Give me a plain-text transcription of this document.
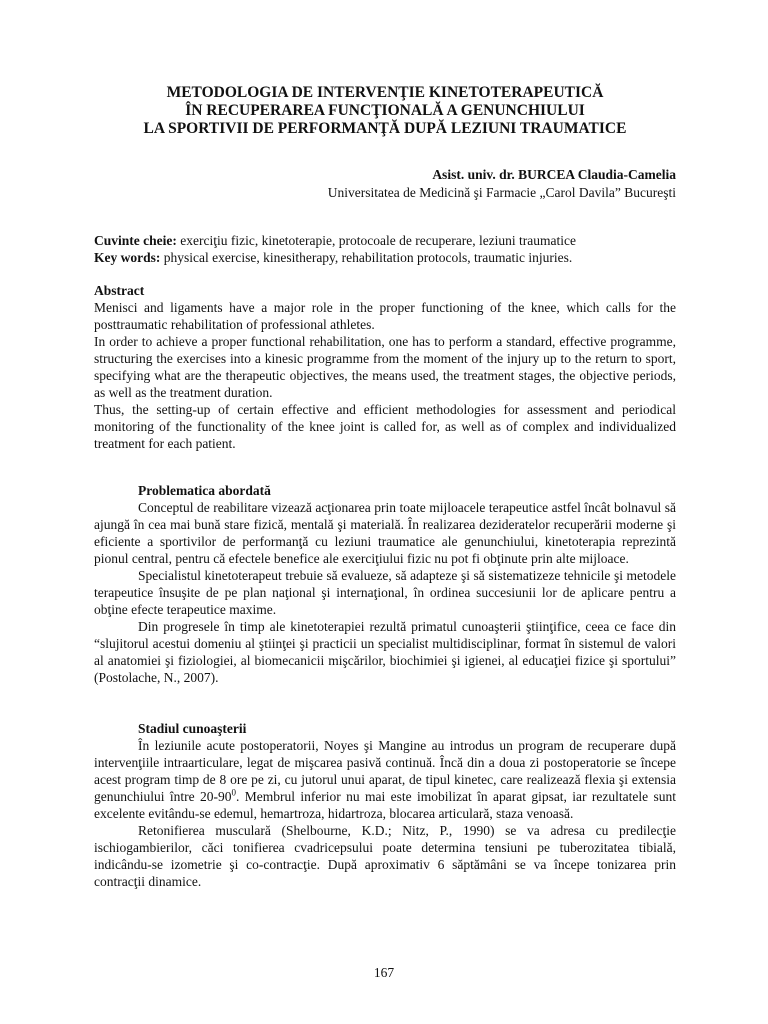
METODOLOGIA DE INTERVENŢIE KINETOTERAPEUTICĂ
ÎN RECUPERAREA FUNCŢIONALĂ A GENUNCHIULUI
LA SPORTIVII DE PERFORMANŢĂ DUPĂ LEZIUNI TRAUMATICE
Asist. univ. dr. BURCEA Claudia-Camelia
Universitatea de Medicină şi Farmacie „Carol Davila” Bucureşti
Cuvinte cheie: exerciţiu fizic, kinetoterapie, protocoale de recuperare, leziuni traumatice
Key words: physical exercise, kinesitherapy, rehabilitation protocols, traumatic injuries.
Abstract

Menisci and ligaments have a major role in the proper functioning of the knee, which calls for the posttraumatic rehabilitation of professional athletes.

In order to achieve a proper functional rehabilitation, one has to perform a standard, effective programme, structuring the exercises into a kinesic programme from the moment of the injury up to the return to sport, specifying what are the therapeutic objectives, the means used, the treatment stages, the objective periods, as well as the treatment duration.

Thus, the setting-up of certain effective and efficient methodologies for assessment and periodical monitoring of the functionality of the knee joint is called for, as well as of complex and individualized treatment for each patient.

Problematica abordată

Conceptul de reabilitare vizează acţionarea prin toate mijloacele terapeutice astfel încât bolnavul să ajungă în cea mai bună stare fizică, mentală şi materială. În realizarea dezideratelor recuperării moderne şi eficiente a sportivilor de performanţă cu leziuni traumatice ale genunchiului, kinetoterapia reprezintă pionul central, pentru că efectele benefice ale exerciţiului fizic nu pot fi obţinute prin alte mijloace.

Specialistul kinetoterapeut trebuie să evalueze, să adapteze şi să sistematizeze tehnicile şi metodele terapeutice însuşite de pe plan naţional şi internaţional, în ordinea succesiunii lor de aplicare pentru a obţine efecte terapeutice maxime.

Din progresele în timp ale kinetoterapiei rezultă primatul cunoaşterii ştiinţifice, ceea ce face din “slujitorul acestui domeniu al ştiinţei şi practicii un specialist multidisciplinar, format în sistemul de valori al anatomiei şi fiziologiei, al biomecanicii mişcărilor, biochimiei şi igienei, al educaţiei fizice şi sportului” (Postolache, N., 2007).

Stadiul cunoaşterii

În leziunile acute postoperatorii, Noyes şi Mangine au introdus un program de recuperare după intervenţiile intraarticulare, legat de mişcarea pasivă continuă. Încă din a doua zi postoperatorie se începe acest program timp de 8 ore pe zi, cu jutorul unui aparat, de tipul kinetec, care realizează flexia şi extensia genunchiului între $20-90^0$. Membrul inferior nu mai este imobilizat în aparat gipsat, iar rezultatele sunt excelente evitându-se edemul, hemartroza, hidartroza, blocarea articulară, staza venoasă.

Retonifierea musculară (Shelbourne, K.D.; Nitz, P., 1990) se va adresa cu predilecţie ischiogambierilor, căci tonifierea cvadricepsului poate determina tensiuni pe tuberozitatea tibială, indicându-se izometrie şi co-contracţie. După aproximativ 6 săptămâni se va începe tonizarea prin contracţii dinamice.

167
